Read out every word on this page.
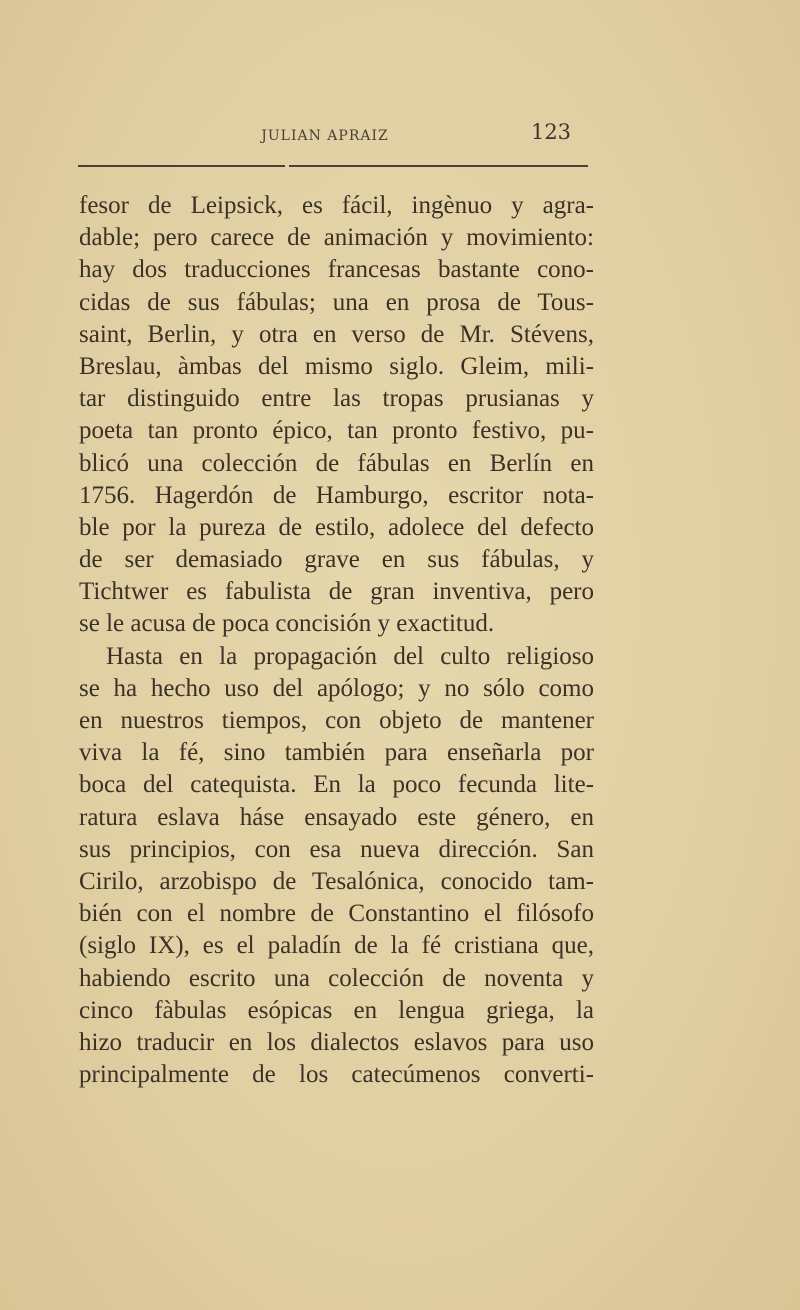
JULIAN APRAIZ	123
fesor de Leipsick, es fácil, ingènuo y agra-
dable; pero carece de animación y movimiento:
hay dos traducciones francesas bastante cono-
cidas de sus fábulas; una en prosa de Tous-
saint, Berlin, y otra en verso de Mr. Stévens,
Breslau, àmbas del mismo siglo. Gleim, mili-
tar distinguido entre las tropas prusianas y
poeta tan pronto épico, tan pronto festivo, pu-
blicó una colección de fábulas en Berlín en
1756. Hagerdón de Hamburgo, escritor nota-
ble por la pureza de estilo, adolece del defecto
de ser demasiado grave en sus fábulas, y
Tichtwer es fabulista de gran inventiva, pero
se le acusa de poca concisión y exactitud.
Hasta en la propagación del culto religioso
se ha hecho uso del apólogo; y no sólo como
en nuestros tiempos, con objeto de mantener
viva la fé, sino también para enseñarla por
boca del catequista. En la poco fecunda lite-
ratura eslava háse ensayado este género, en
sus principios, con esa nueva dirección. San
Cirilo, arzobispo de Tesalónica, conocido tam-
bién con el nombre de Constantino el filósofo
(siglo IX), es el paladín de la fé cristiana que,
habiendo escrito una colección de noventa y
cinco fàbulas esópicas en lengua griega, la
hizo traducir en los dialectos eslavos para uso
principalmente de los catecúmenos converti-
